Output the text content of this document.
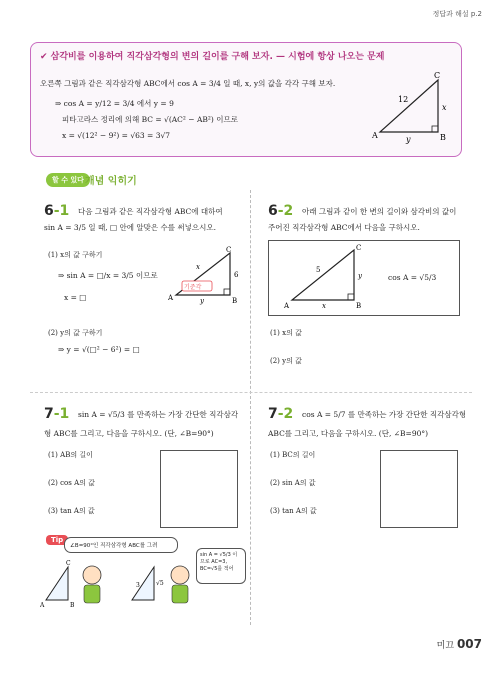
정답과 해설 p.2
✔ 삼각비를 이용하여 직각삼각형의 변의 길이를 구해 보자. — 시험에 항상 나오는 문제
오른쪽 그림과 같은 직각삼각형 ABC에서 cos A = 3/4 일 때, x, y의 값을 각각 구해 보자.
⇒ cos A = y/12 = 3/4 에서 y = 9
피타고라스 정리에 의해 BC = √(AC² − AB²) 이므로
x = √(12² − 9²) = √63 = 3√7	A	B
C
12
x
y
할 수 있다 개념 익히기
6-1 다음 그림과 같은 직각삼각형 ABC에 대하여
sin A = 3/5 일 때, □ 안에 알맞은 수를 써넣으시오.
(1) x의 값 구하기
⇒ sin A = □/x = 3/5 이므로
x = □
기준각
A	B
C
x
6
y
(2) y의 값 구하기
⇒ y = √(□² − 6²) = □
6-2 아래 그림과 같이 한 변의 길이와 삼각비의 값이
주어진 직각삼각형 ABC에서 다음을 구하시오.
A	B
C
5
y
x
cos A = √5/3
(1) x의 값
(2) y의 값
7-1 sin A = √5/3 를 만족하는 가장 간단한 직각삼각
형 ABC를 그리고, 다음을 구하시오. (단, ∠B=90°)
(1) AB의 길이
(2) cos A의 값
(3) tan A의 값
7-2 cos A = 5/7 를 만족하는 가장 간단한 직각삼각형
ABC를 그리고, 다음을 구하시오. (단, ∠B=90°)
(1) BC의 길이
(2) sin A의 값
(3) tan A의 값
Tip
∠B=90°인 직각삼각형 ABC를 그려
A	B
C
3	√5
sin A = √5/3 이므로 AC=3, BC=√5를 적어
미끄 007
